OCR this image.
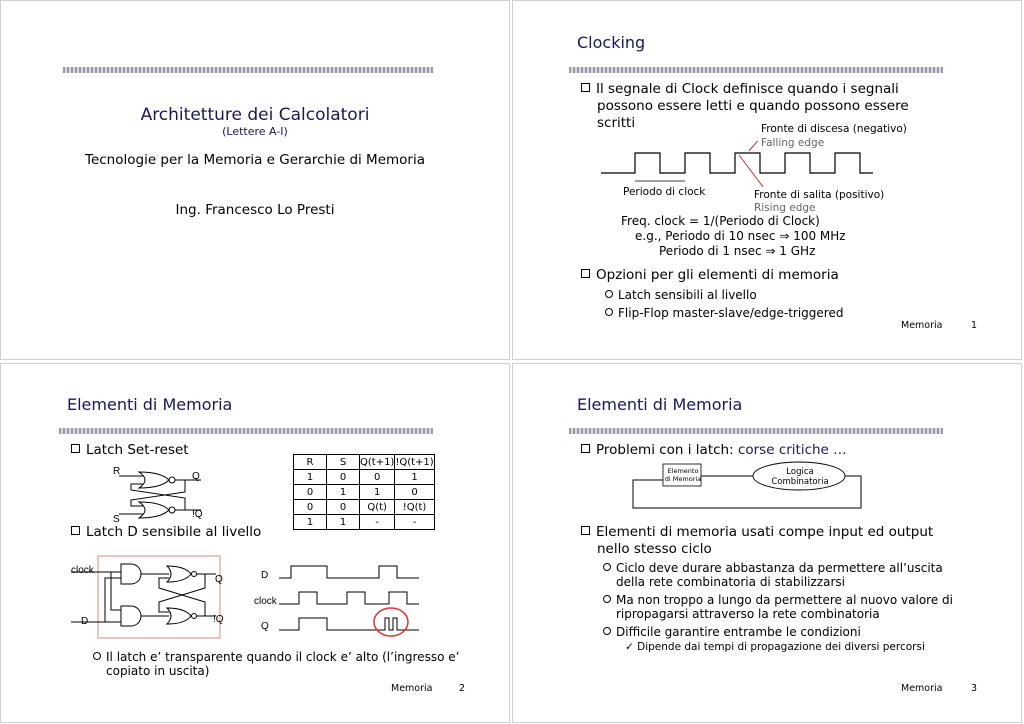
Architetture dei Calcolatori
(Lettere A-I)
Tecnologie per la Memoria e Gerarchie di Memoria
Ing. Francesco Lo Presti
Clocking
Il segnale di Clock definisce quando i segnali
possono essere letti e quando possono essere
scritti	Fronte di discesa (negativo)
Falling edge
Periodo di clock	Fronte di salita (positivo)
Rising edge
Freq. clock = 1/(Periodo di Clock)
e.g., Periodo di 10 nsec ⇒ 100 MHz
Periodo di 1 nsec ⇒ 1 GHz
Opzioni per gli elementi di memoria
Latch sensibili al livello
Flip-Flop master-slave/edge-triggered
Memoria	1
Elementi di Memoria
Latch Set-reset
R
S
Q
!Q
R	S	Q(t+1)	!Q(t+1)
1	0	0	1
0	1	1	0
0	0	Q(t)	!Q(t)
1	1	-	-
Latch D sensibile al livello
clock
D
Q
!Q
D
clock
Q
Il latch e’ transparente quando il clock e’ alto (l’ingresso e’
copiato in uscita)
Memoria	2
Elementi di Memoria
Problemi con i latch: corse critiche …
Elemento
di Memoria
Logica
Combinatoria
Elementi di memoria usati compe input ed output
nello stesso ciclo
Ciclo deve durare abbastanza da permettere all’uscita
della rete combinatoria di stabilizzarsi
Ma non troppo a lungo da permettere al nuovo valore di
ripropagarsi attraverso la rete combinatoria
Difficile garantire entrambe le condizioni
✓ Dipende dai tempi di propagazione dei diversi percorsi
Memoria	3
